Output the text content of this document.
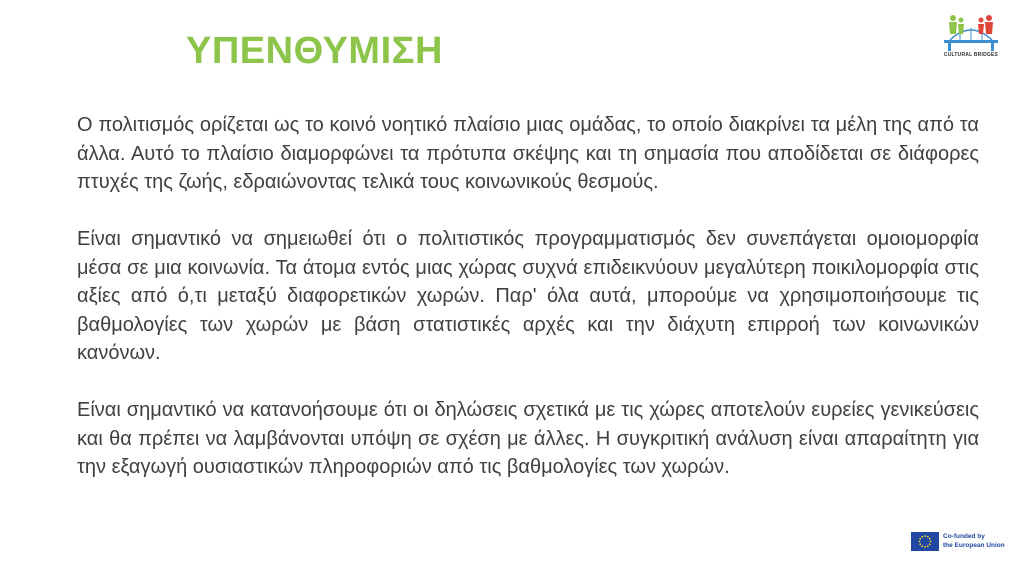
ΥΠΕΝΘΥΜΙΣΗ	CULTURAL BRIDGES

Ο πολιτισμός ορίζεται ως το κοινό νοητικό πλαίσιο μιας ομάδας, το οποίο διακρίνει τα μέλη της από τα άλλα. Αυτό το πλαίσιο διαμορφώνει τα πρότυπα σκέψης και τη σημασία που αποδίδεται σε διάφορες πτυχές της ζωής, εδραιώνοντας τελικά τους κοινωνικούς θεσμούς.

Είναι σημαντικό να σημειωθεί ότι ο πολιτιστικός προγραμματισμός δεν συνεπάγεται ομοιομορφία μέσα σε μια κοινωνία. Τα άτομα εντός μιας χώρας συχνά επιδεικνύουν μεγαλύτερη ποικιλομορφία στις αξίες από ό,τι μεταξύ διαφορετικών χωρών. Παρ' όλα αυτά, μπορούμε να χρησιμοποιήσουμε τις βαθμολογίες των χωρών με βάση στατιστικές αρχές και την διάχυτη επιρροή των κοινωνικών κανόνων.

Είναι σημαντικό να κατανοήσουμε ότι οι δηλώσεις σχετικά με τις χώρες αποτελούν ευρείες γενικεύσεις και θα πρέπει να λαμβάνονται υπόψη σε σχέση με άλλες. Η συγκριτική ανάλυση είναι απαραίτητη για την εξαγωγή ουσιαστικών πληροφοριών από τις βαθμολογίες των χωρών.

Co-funded by
the European Union
